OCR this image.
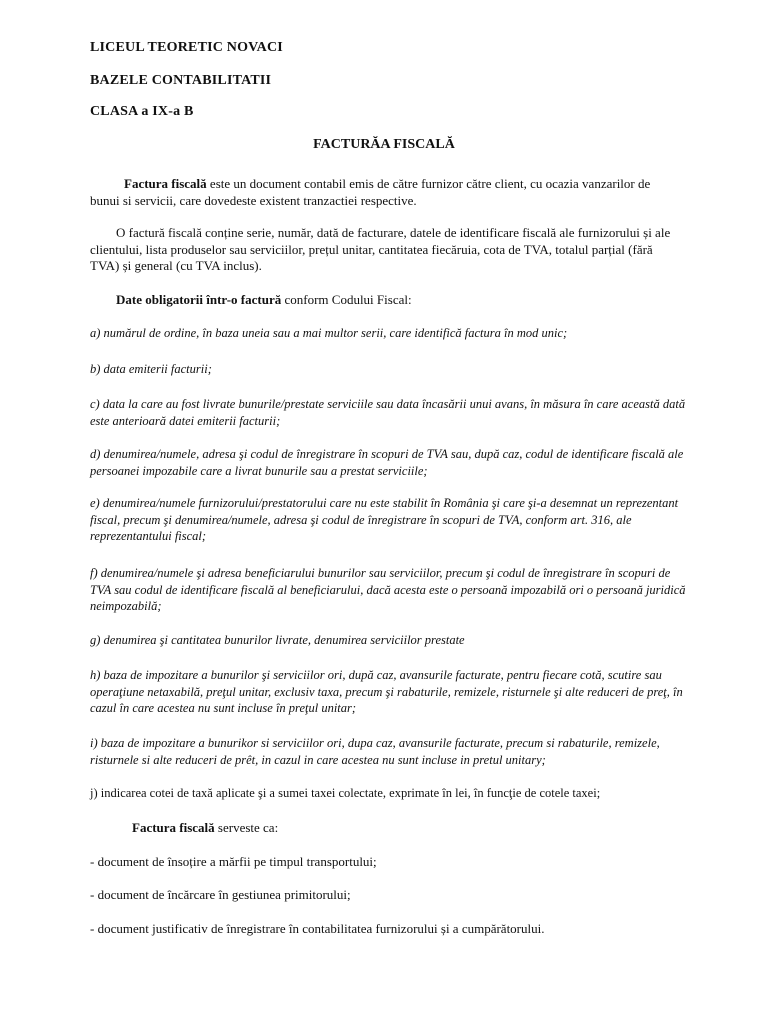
LICEUL TEORETIC NOVACI
BAZELE CONTABILITATII
CLASA a IX-a B
FACTURĂA FISCALĂ

Factura fiscală este un document contabil emis de către furnizor către client, cu ocazia vanzarilor de bunui si servicii, care dovedeste existent tranzactiei respective.

O factură fiscală conține serie, număr, dată de facturare, datele de identificare fiscală ale furnizorului și ale clientului, lista produselor sau serviciilor, prețul unitar, cantitatea fiecăruia, cota de TVA, totalul parțial (fără TVA) și general (cu TVA inclus).

Date obligatorii într-o factură conform Codului Fiscal:

a) numărul de ordine, în baza uneia sau a mai multor serii, care identifică factura în mod unic;

b) data emiterii facturii;

c) data la care au fost livrate bunurile/prestate serviciile sau data încasării unui avans, în măsura în care această dată este anterioară datei emiterii facturii;

d) denumirea/numele, adresa şi codul de înregistrare în scopuri de TVA sau, după caz, codul de identificare fiscală ale persoanei impozabile care a livrat bunurile sau a prestat serviciile;

e) denumirea/numele furnizorului/prestatorului care nu este stabilit în România şi care şi-a desemnat un reprezentant fiscal, precum şi denumirea/numele, adresa şi codul de înregistrare în scopuri de TVA, conform art. 316, ale reprezentantului fiscal;

f) denumirea/numele şi adresa beneficiarului bunurilor sau serviciilor, precum şi codul de înregistrare în scopuri de TVA sau codul de identificare fiscală al beneficiarului, dacă acesta este o persoană impozabilă ori o persoană juridică neimpozabilă;

g) denumirea şi cantitatea bunurilor livrate, denumirea serviciilor prestate

h) baza de impozitare a bunurilor şi serviciilor ori, după caz, avansurile facturate, pentru fiecare cotă, scutire sau operaţiune netaxabilă, preţul unitar, exclusiv taxa, precum şi rabaturile, remizele, risturnele şi alte reduceri de preţ, în cazul în care acestea nu sunt incluse în preţul unitar;

i) baza de impozitare a bunurikor si serviciilor ori, dupa caz, avansurile facturate, precum si rabaturile, remizele, risturnele si alte reduceri de prêt, in cazul in care acestea nu sunt incluse in pretul unitary;

j) indicarea cotei de taxă aplicate şi a sumei taxei colectate, exprimate în lei, în funcţie de cotele taxei;

Factura fiscală serveste ca:

- document de însoțire a mărfii pe timpul transportului;

- document de încărcare în gestiunea primitorului;

- document justificativ de înregistrare în contabilitatea furnizorului și a cumpărătorului.
